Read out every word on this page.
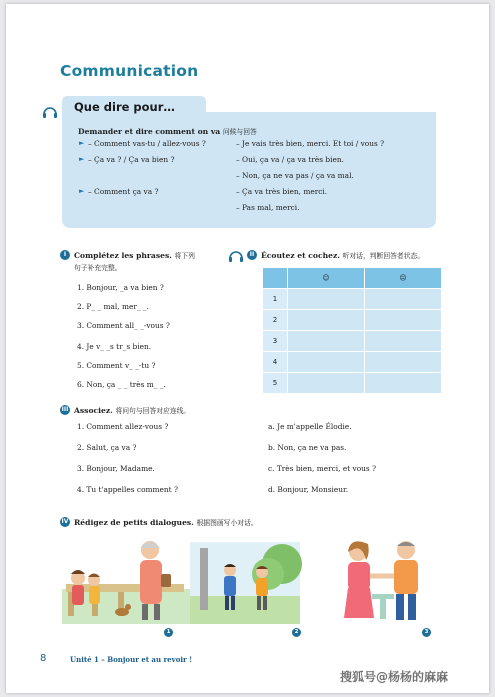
Communication
Que dire pour…
Demander et dire comment on va 问候与回答
► – Comment vas-tu / allez-vous ?
► – Ça va ? / Ça va bien ?
► – Comment ça va ?
– Je vais très bien, merci. Et toi / vous ?
– Oui, ça va / ça va très bien.
– Non, ça ne va pas / ça va mal.
– Ça va très bien, merci.
– Pas mal, merci.
I	Complétez les phrases. 将下列
句子补充完整。
1. Bonjour, _a va bien ?
2. P_ _ mal, mer_ _.
3. Comment all_ _-vous ?
4. Je v_ _s tr_s bien.
5. Comment v_ _-tu ?
6. Non, ça _ _ très m_ _.
II Écoutez et cochez. 听对话，判断回答者状态。
	☺	☹
1		
2		
3		
4		
5		
III Associez. 将问句与回答对应连线。
1. Comment allez-vous ?
2. Salut, ça va ?
3. Bonjour, Madame.
4. Tu t'appelles comment ?
a. Je m'appelle Élodie.
b. Non, ça ne va pas.
c. Très bien, merci, et vous ?
d. Bonjour, Monsieur.
IV Rédigez de petits dialogues. 根据图画写小对话。
1	2	3
8	Unité 1 – Bonjour et au revoir !
搜狐号@杨杨的麻麻
